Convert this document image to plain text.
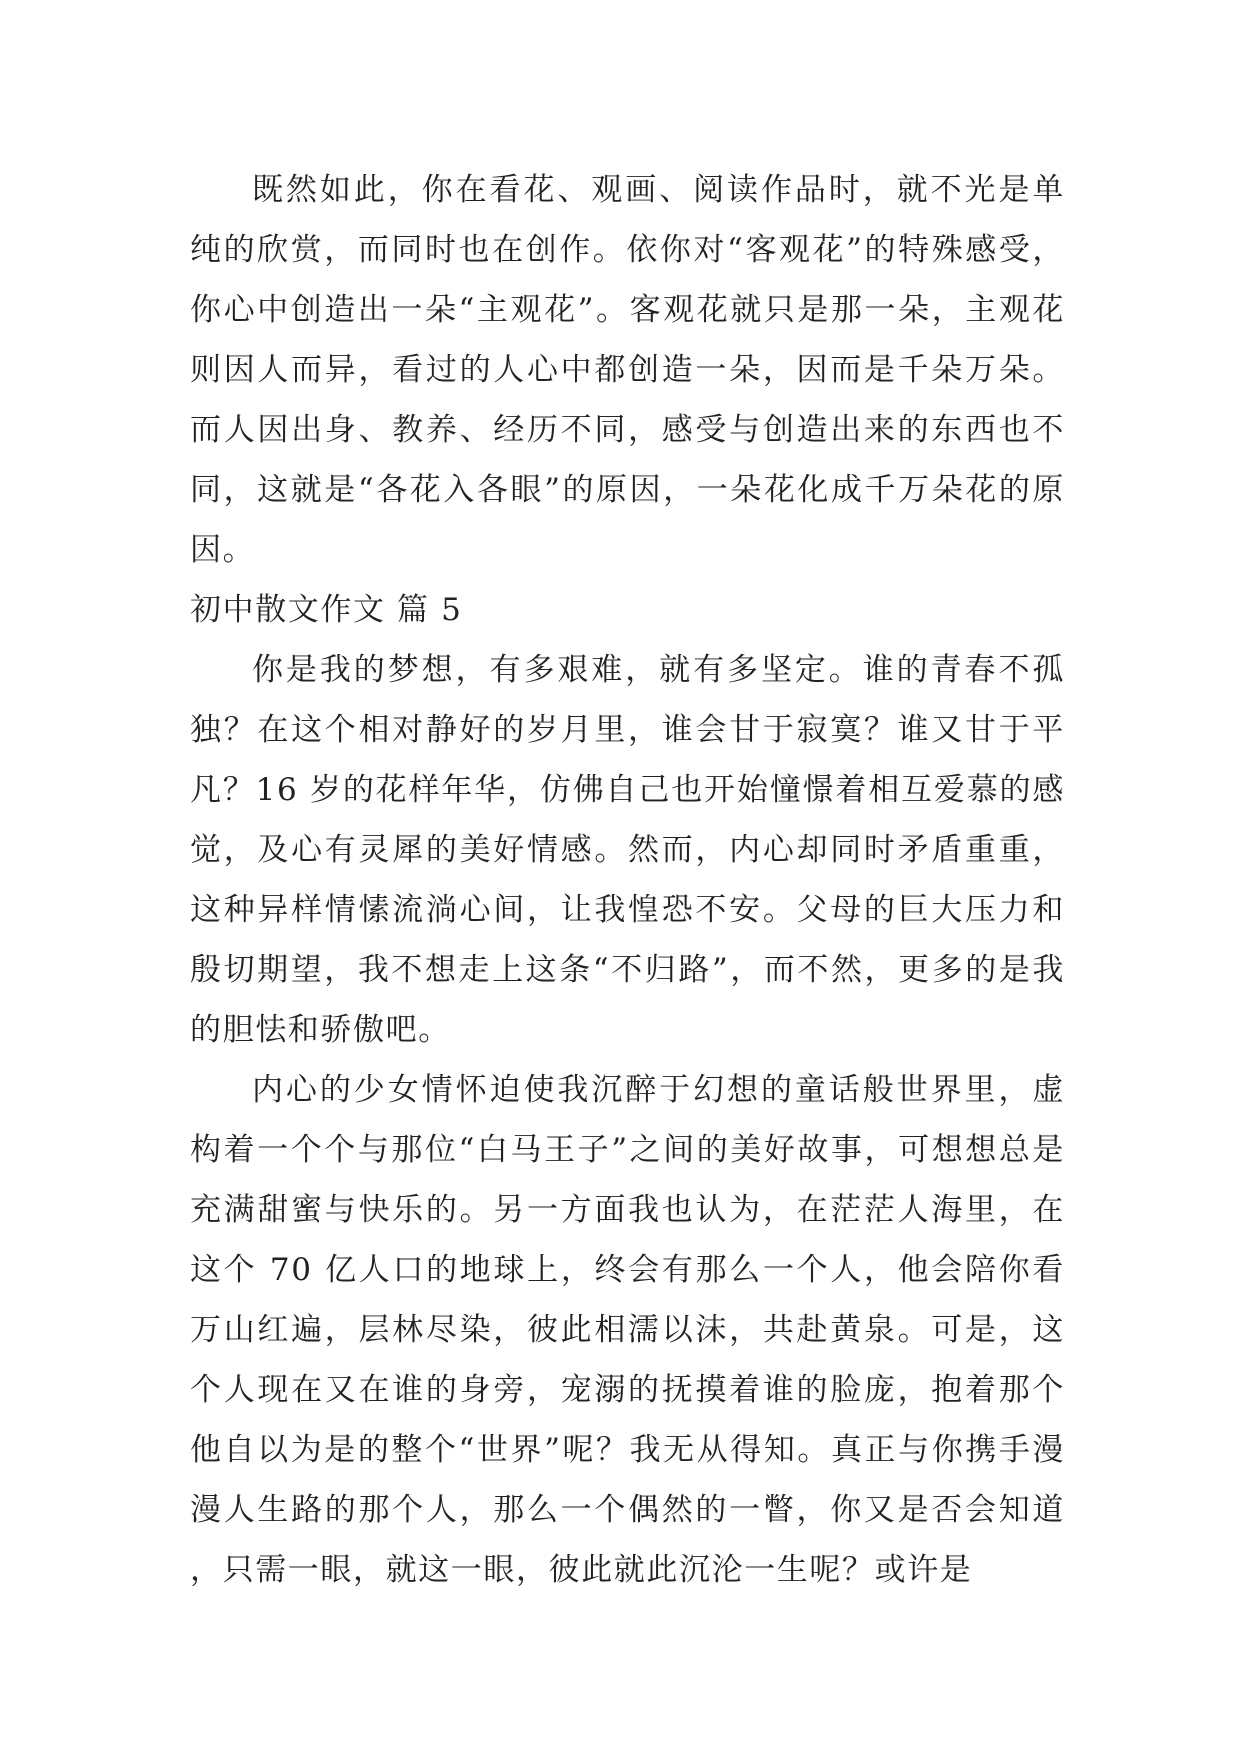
既然如此，你在看花、观画、阅读作品时，就不光是单纯的欣赏，而同时也在创作。依你对“客观花”的特殊感受，你心中创造出一朵“主观花”。客观花就只是那一朵，主观花则因人而异，看过的人心中都创造一朵，因而是千朵万朵。而人因出身、教养、经历不同，感受与创造出来的东西也不同，这就是“各花入各眼”的原因，一朵花化成千万朵花的原因。

初中散文作文 篇 5

你是我的梦想，有多艰难，就有多坚定。谁的青春不孤独？在这个相对静好的岁月里，谁会甘于寂寞？谁又甘于平凡？16 岁的花样年华，仿佛自己也开始憧憬着相互爱慕的感觉，及心有灵犀的美好情感。然而，内心却同时矛盾重重，这种异样情愫流淌心间，让我惶恐不安。父母的巨大压力和殷切期望，我不想走上这条“不归路”，而不然，更多的是我的胆怯和骄傲吧。

内心的少女情怀迫使我沉醉于幻想的童话般世界里，虚构着一个个与那位“白马王子”之间的美好故事，可想想总是充满甜蜜与快乐的。另一方面我也认为，在茫茫人海里，在这个 70 亿人口的地球上，终会有那么一个人，他会陪你看万山红遍，层林尽染，彼此相濡以沫，共赴黄泉。可是，这个人现在又在谁的身旁，宠溺的抚摸着谁的脸庞，抱着那个他自以为是的整个“世界”呢？我无从得知。真正与你携手漫漫人生路的那个人，那么一个偶然的一瞥，你又是否会知道，只需一眼，就这一眼，彼此就此沉沦一生呢？或许是
